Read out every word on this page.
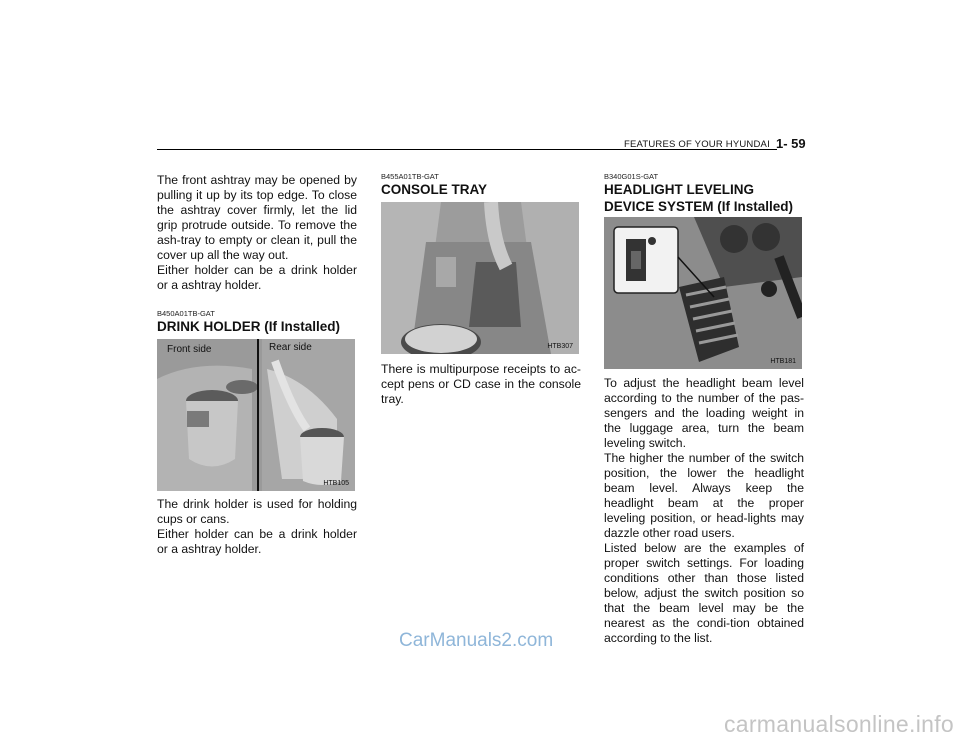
FEATURES OF YOUR HYUNDAI 1- 59
The front ashtray may be opened by pulling it up by its top edge. To close the ashtray cover firmly, let the lid grip protrude outside. To remove the ash-tray to empty or clean it, pull the cover up all the way out.
Either holder can be a drink holder or a ashtray holder.

B450A01TB-GAT

DRINK HOLDER (If Installed)

Front side	Rear side
HTB105
The drink holder is used for holding cups or cans.
Either holder can be a drink holder or a ashtray holder.

B455A01TB-GAT

CONSOLE TRAY

HTB307
There is multipurpose receipts to ac-cept pens or CD case in the console tray.

B340G01S-GAT

HEADLIGHT LEVELING DEVICE SYSTEM (If Installed)

HTB181
To adjust the headlight beam level according to the number of the pas-sengers and the loading weight in the luggage area, turn the beam leveling switch.
The higher the number of the switch position, the lower the headlight beam level. Always keep the headlight beam at the proper leveling position, or head-lights may dazzle other road users.
Listed below are the examples of proper switch settings. For loading conditions other than those listed below, adjust the switch position so that the beam level may be the nearest as the condi-tion obtained according to the list.
CarManuals2.com
carmanualsonline.info
